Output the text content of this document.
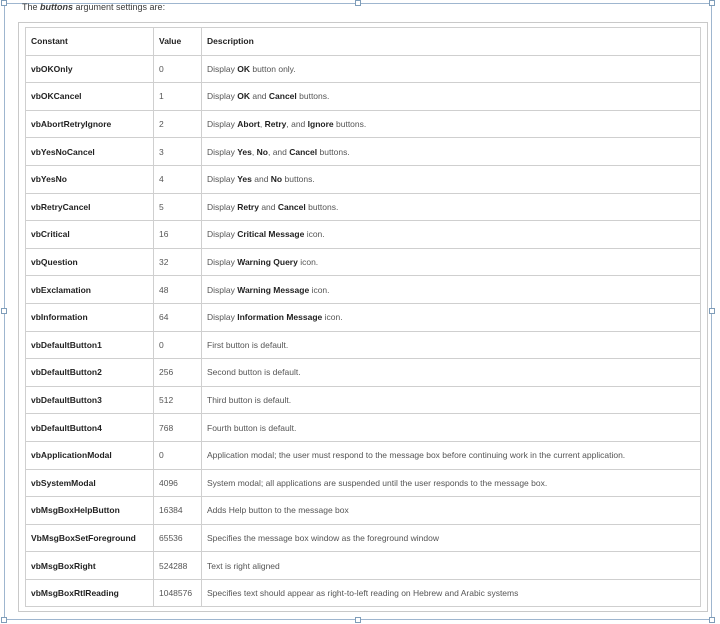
The buttons argument settings are:
Constant	Value	Description
vbOKOnly	0	Display OK button only.
vbOKCancel	1	Display OK and Cancel buttons.
vbAbortRetryIgnore	2	Display Abort, Retry, and Ignore buttons.
vbYesNoCancel	3	Display Yes, No, and Cancel buttons.
vbYesNo	4	Display Yes and No buttons.
vbRetryCancel	5	Display Retry and Cancel buttons.
vbCritical	16	Display Critical Message icon.
vbQuestion	32	Display Warning Query icon.
vbExclamation	48	Display Warning Message icon.
vbInformation	64	Display Information Message icon.
vbDefaultButton1	0	First button is default.
vbDefaultButton2	256	Second button is default.
vbDefaultButton3	512	Third button is default.
vbDefaultButton4	768	Fourth button is default.
vbApplicationModal	0	Application modal; the user must respond to the message box before continuing work in the current application.
vbSystemModal	4096	System modal; all applications are suspended until the user responds to the message box.
vbMsgBoxHelpButton	16384	Adds Help button to the message box
VbMsgBoxSetForeground	65536	Specifies the message box window as the foreground window
vbMsgBoxRight	524288	Text is right aligned
vbMsgBoxRtlReading	1048576	Specifies text should appear as right-to-left reading on Hebrew and Arabic systems
